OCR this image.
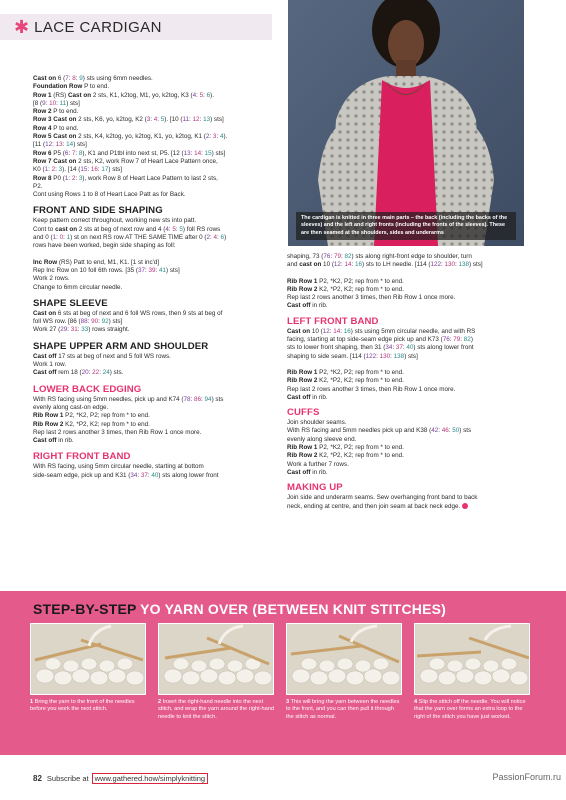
✱ LACE CARDIGAN
The cardigan is knitted in three main parts – the back (including the backs of the sleeves) and the left and right fronts (including the fronts of the sleeves). These are then seamed at the shoulders, sides and underarms

Cast on 6 (7: 8: 9) sts using 6mm needles.

Foundation Row P to end.

Row 1 (RS) Cast on 2 sts, K1, k2tog, M1, yo, k2tog, K3 (4: 5: 6).

[8 (9: 10: 11) sts]

Row 2 P to end.

Row 3 Cast on 2 sts, K6, yo, k2tog, K2 (3: 4: 5). [10 (11: 12: 13) sts]

Row 4 P to end.

Row 5 Cast on 2 sts, K4, k2tog, yo, k2tog, K1, yo, k2tog, K1 (2: 3: 4).

[11 (12: 13: 14) sts]

Row 6 P5 (6: 7: 8), K1 and P1tbl into next st, P5. [12 (13: 14: 15) sts]

Row 7 Cast on 2 sts, K2, work Row 7 of Heart Lace Pattern once,

K0 (1: 2: 3). [14 (15: 16: 17) sts]

Row 8 P0 (1: 2: 3), work Row 8 of Heart Lace Pattern to last 2 sts,

P2.

Cont using Rows 1 to 8 of Heart Lace Patt as for Back.

FRONT AND SIDE SHAPING

Keep pattern correct throughout, working new sts into patt.

Cont to cast on 2 sts at beg of next row and 4 (4: 5: 5) foll RS rows

and 0 (1: 0: 1) st on next RS row AT THE SAME TIME after 0 (2: 4: 6)

rows have been worked, begin side shaping as foll:

Inc Row (RS) Patt to end, M1, K1. [1 st inc'd]

Rep Inc Row on 10 foll 6th rows. [35 (37: 39: 41) sts]

Work 2 rows.

Change to 6mm circular needle.

SHAPE SLEEVE

Cast on 6 sts at beg of next and 6 foll WS rows, then 9 sts at beg of

foll WS row. [86 (88: 90: 92) sts]

Work 27 (29: 31: 33) rows straight.

SHAPE UPPER ARM AND SHOULDER

Cast off 17 sts at beg of next and 5 foll WS rows.

Work 1 row.

Cast off rem 18 (20: 22: 24) sts.

LOWER BACK EDGING

With RS facing using 5mm needles, pick up and K74 (78: 86: 94) sts

evenly along cast-on edge.

Rib Row 1 P2, *K2, P2; rep from * to end.

Rib Row 2 K2, *P2, K2; rep from * to end.

Rep last 2 rows another 3 times, then Rib Row 1 once more.

Cast off in rib.

RIGHT FRONT BAND

With RS facing, using 5mm circular needle, starting at bottom

side-seam edge, pick up and K31 (34: 37: 40) sts along lower front

shaping, 73 (76: 79: 82) sts along right-front edge to shoulder, turn

and cast on 10 (12: 14: 16) sts to LH needle. [114 (122: 130: 138) sts]

Rib Row 1 P2, *K2, P2; rep from * to end.

Rib Row 2 K2, *P2, K2; rep from * to end.

Rep last 2 rows another 3 times, then Rib Row 1 once more.

Cast off in rib.

LEFT FRONT BAND

Cast on 10 (12: 14: 16) sts using 5mm circular needle, and with RS

facing, starting at top side-seam edge pick up and K73 (76: 79: 82)

sts to lower front shaping, then 31 (34: 37: 40) sts along lower front

shaping to side seam. [114 (122: 130: 138) sts]

Rib Row 1 P2, *K2, P2; rep from * to end.

Rib Row 2 K2, *P2, K2; rep from * to end.

Rep last 2 rows another 3 times, then Rib Row 1 once more.

Cast off in rib.

CUFFS

Join shoulder seams.

With RS facing and 5mm needles pick up and K38 (42: 46: 50) sts

evenly along sleeve end.

Rib Row 1 P2, *K2, P2; rep from * to end.

Rib Row 2 K2, *P2, K2; rep from * to end.

Work a further 7 rows.

Cast off in rib.

MAKING UP

Join side and underarm seams. Sew overhanging front band to back

neck, ending at centre, and then join seam at back neck edge.

STEP-BY-STEP YO YARN OVER (BETWEEN KNIT STITCHES)
1 Bring the yarn to the front of the needles before you work the next stitch.
2 Insert the right-hand needle into the next stitch, and wrap the yarn around the right-hand needle to knit the stitch.
3 This will bring the yarn between the needles to the front, and you can then pull it through the stitch as normal.
4 Slip the stitch off the needle. You will notice that the yarn over forms an extra loop to the right of the stitch you have just worked.
82 Subscribe at www.gathered.how/simplyknitting	PassionForum.ru
